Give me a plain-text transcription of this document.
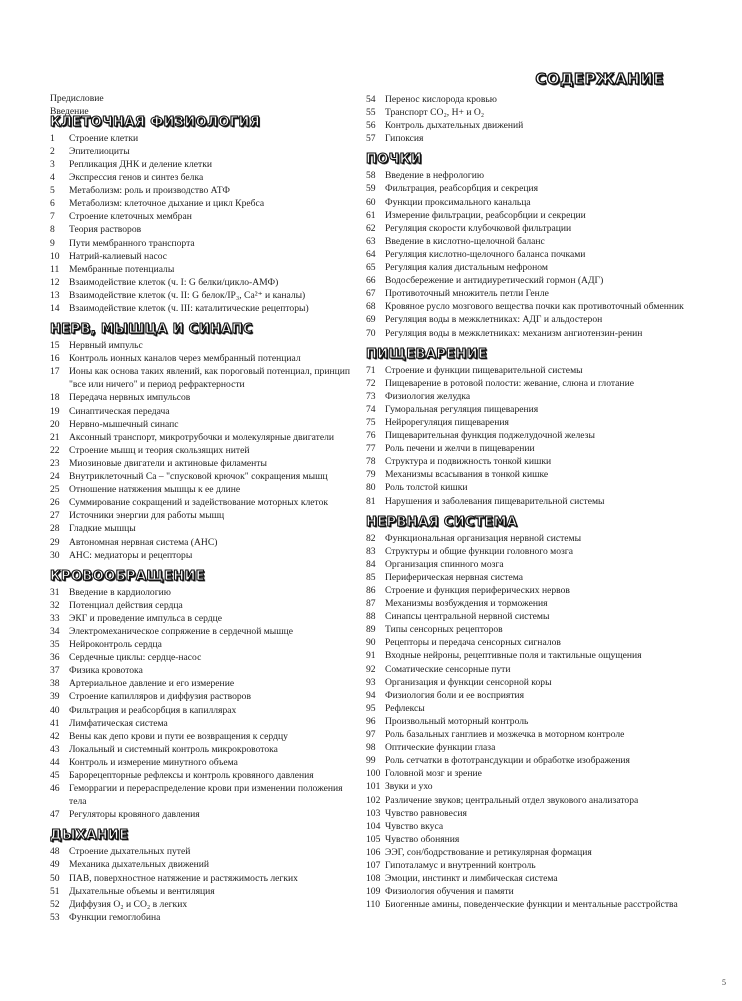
СОДЕРЖАНИЕ
Предисловие
Введение
КЛЕТОЧНАЯ ФИЗИОЛОГИЯ
1	Строение клетки
2	Эпителиоциты
3	Репликация ДНК и деление клетки
4	Экспрессия генов и синтез белка
5	Метаболизм: роль и производство АТФ
6	Метаболизм: клеточное дыхание и цикл Кребса
7	Строение клеточных мембран
8	Теория растворов
9	Пути мембранного транспорта
10 Натрий-калиевый насос
11	Мембранные потенциалы
12 Взаимодействие клеток (ч. I: G белки/цикло-АМФ)
13 Взаимодействие клеток (ч. II: G белок/IP₃, Ca²⁺ и каналы)
14 Взаимодействие клеток (ч. III: каталитические рецепторы)
НЕРВ, МЫШЦА И СИНАПС
15 Нервный импульс
16 Контроль ионных каналов через мембранный потенциал
17 Ионы как основа таких явлений, как пороговый потенциал, принцип "все или ничего" и период рефрактерности
18 Передача нервных импульсов
19 Синаптическая передача
20 Нервно-мышечный синапс
21 Аксонный транспорт, микротрубочки и молекулярные двигатели
22 Строение мышц и теория скользящих нитей
23 Миозиновые двигатели и актиновые филаменты
24 Внутриклеточный Ca – "спусковой крючок" сокращения мышц
25 Отношение натяжения мышцы к ее длине
26 Суммирование сокращений и задействование моторных клеток
27 Источники энергии для работы мышц
28 Гладкие мышцы
29 Автономная нервная система (АНС)
30 АНС: медиаторы и рецепторы
КРОВООБРАЩЕНИЕ
31 Введение в кардиологию
32 Потенциал действия сердца
33 ЭКГ и проведение импульса в сердце
34 Электромеханическое сопряжение в сердечной мышце
35 Нейроконтроль сердца
36 Сердечные циклы: сердце-насос
37 Физика кровотока
38 Артериальное давление и его измерение
39 Строение капилляров и диффузия растворов
40 Фильтрация и реабсорбция в капиллярах
41 Лимфатическая система
42 Вены как депо крови и пути ее возвращения к сердцу
43 Локальный и системный контроль микрокровотока
44 Контроль и измерение минутного объема
45 Барорецепторные рефлексы и контроль кровяного давления
46 Геморрагии и перераспределение крови при изменении положения тела
47 Регуляторы кровяного давления
ДЫХАНИЕ
48 Строение дыхательных путей
49 Механика дыхательных движений
50 ПАВ, поверхностное натяжение и растяжимость легких
51 Дыхательные объемы и вентиляция
52 Диффузия O₂ и CO₂ в легких
53 Функции гемоглобина
54 Перенос кислорода кровью
55 Транспорт CO₂, H+ и O₂
56 Контроль дыхательных движений
57 Гипоксия
ПОЧКИ
58 Введение в нефрологию
59 Фильтрация, реабсорбция и секреция
60 Функции проксимального канальца
61 Измерение фильтрации, реабсорбции и секреции
62 Регуляция скорости клубочковой фильтрации
63 Введение в кислотно-щелочной баланс
64 Регуляция кислотно-щелочного баланса почками
65 Регуляция калия дистальным нефроном
66 Водосбережение и антидиуретический гормон (АДГ)
67 Противоточный множитель петли Генле
68 Кровяное русло мозгового вещества почки как противоточный обменник
69 Регуляция воды в межклетниках: АДГ и альдостерон
70 Регуляция воды в межклетниках: механизм ангиотензин-ренин
ПИЩЕВАРЕНИЕ
71 Строение и функции пищеварительной системы
72 Пищеварение в ротовой полости: жевание, слюна и глотание
73 Физиология желудка
74 Гуморальная регуляция пищеварения
75 Нейрорегуляция пищеварения
76 Пищеварительная функция поджелудочной железы
77 Роль печени и желчи в пищеварении
78 Структура и подвижность тонкой кишки
79 Механизмы всасывания в тонкой кишке
80 Роль толстой кишки
81 Нарушения и заболевания пищеварительной системы
НЕРВНАЯ СИСТЕМА
82 Функциональная организация нервной системы
83 Структуры и общие функции головного мозга
84 Организация спинного мозга
85 Периферическая нервная система
86 Строение и функция периферических нервов
87 Механизмы возбуждения и торможения
88 Синапсы центральной нервной системы
89 Типы сенсорных рецепторов
90 Рецепторы и передача сенсорных сигналов
91 Входные нейроны, рецептивные поля и тактильные ощущения
92 Соматические сенсорные пути
93 Организация и функции сенсорной коры
94 Физиология боли и ее восприятия
95 Рефлексы
96 Произвольный моторный контроль
97 Роль базальных ганглиев и мозжечка в моторном контроле
98 Оптические функции глаза
99 Роль сетчатки в фототрансдукции и обработке изображения
100 Головной мозг и зрение
101 Звуки и ухо
102 Различение звуков; центральный отдел звукового анализатора
103 Чувство равновесия
104 Чувство вкуса
105 Чувство обоняния
106 ЭЭГ, сон/бодрствование и ретикулярная формация
107 Гипоталамус и внутренний контроль
108 Эмоции, инстинкт и лимбическая система
109 Физиология обучения и памяти
110 Биогенные амины, поведенческие функции и ментальные расстройства
5
